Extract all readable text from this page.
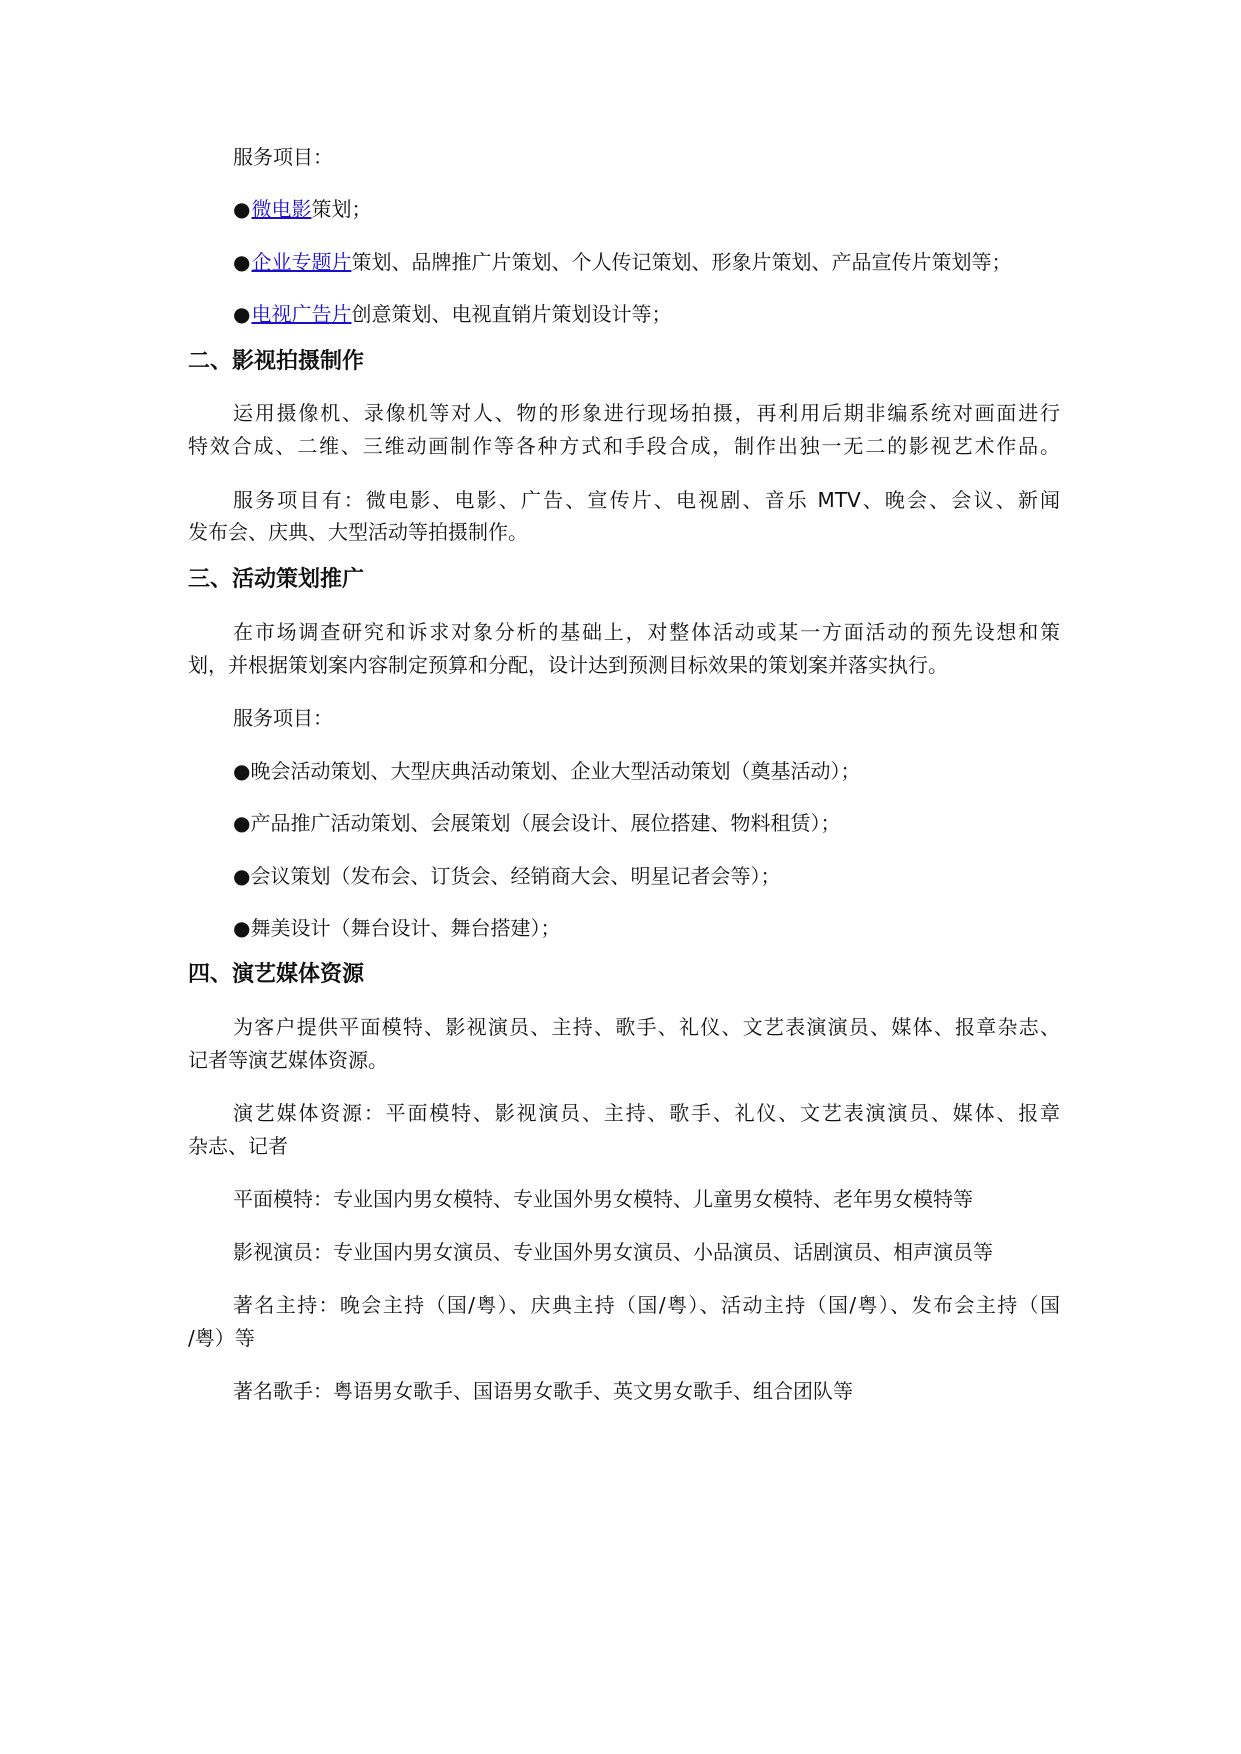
服务项目：
●微电影策划；
●企业专题片策划、品牌推广片策划、个人传记策划、形象片策划、产品宣传片策划等；
●电视广告片创意策划、电视直销片策划设计等；
二、影视拍摄制作
运用摄像机、录像机等对人、物的形象进行现场拍摄，再利用后期非编系统对画面进行
特效合成、二维、三维动画制作等各种方式和手段合成，制作出独一无二的影视艺术作品。
服务项目有：微电影、电影、广告、宣传片、电视剧、音乐 MTV、晚会、会议、新闻
发布会、庆典、大型活动等拍摄制作。
三、活动策划推广
在市场调查研究和诉求对象分析的基础上，对整体活动或某一方面活动的预先设想和策
划，并根据策划案内容制定预算和分配，设计达到预测目标效果的策划案并落实执行。
服务项目：
●晚会活动策划、大型庆典活动策划、企业大型活动策划（奠基活动）；
●产品推广活动策划、会展策划（展会设计、展位搭建、物料租赁）；
●会议策划（发布会、订货会、经销商大会、明星记者会等）；
●舞美设计（舞台设计、舞台搭建）；
四、演艺媒体资源
为客户提供平面模特、影视演员、主持、歌手、礼仪、文艺表演演员、媒体、报章杂志、
记者等演艺媒体资源。
演艺媒体资源：平面模特、影视演员、主持、歌手、礼仪、文艺表演演员、媒体、报章
杂志、记者
平面模特：专业国内男女模特、专业国外男女模特、儿童男女模特、老年男女模特等
影视演员：专业国内男女演员、专业国外男女演员、小品演员、话剧演员、相声演员等
著名主持：晚会主持（国/粤）、庆典主持（国/粤）、活动主持（国/粤）、发布会主持（国
/粤）等
著名歌手：粤语男女歌手、国语男女歌手、英文男女歌手、组合团队等
